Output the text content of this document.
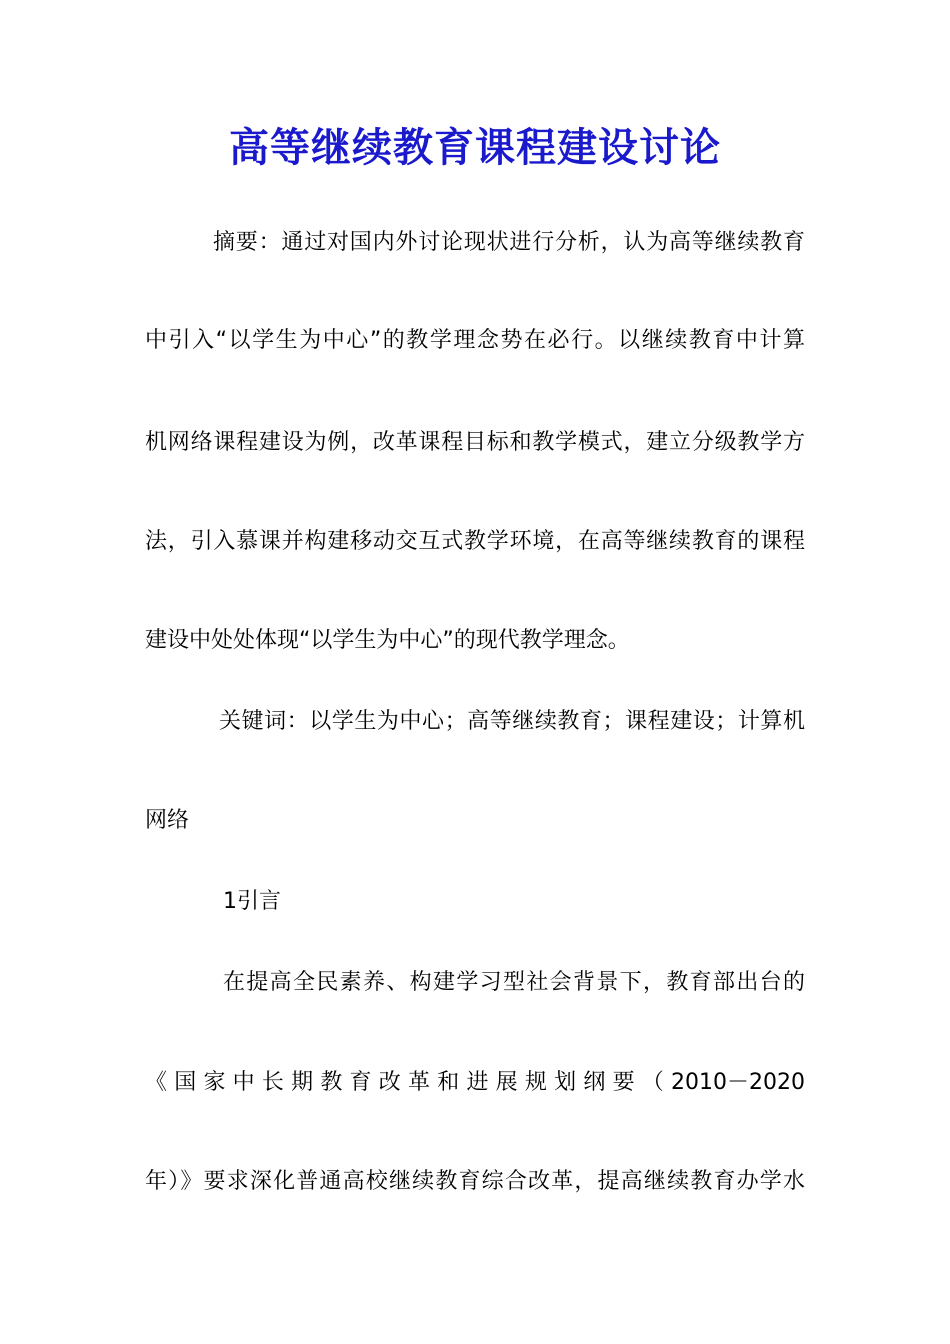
高等继续教育课程建设讨论
摘要：通过对国内外讨论现状进行分析，认为高等继续教育
中引入“以学生为中心”的教学理念势在必行。以继续教育中计算
机网络课程建设为例，改革课程目标和教学模式，建立分级教学方
法，引入慕课并构建移动交互式教学环境，在高等继续教育的课程
建设中处处体现“以学生为中心”的现代教学理念。
关键词：以学生为中心；高等继续教育；课程建设；计算机
网络
1引言
在提高全民素养、构建学习型社会背景下，教育部出台的
《国家中长期教育改革和进展规划纲要（2010－2020
年）》要求深化普通高校继续教育综合改革，提高继续教育办学水
